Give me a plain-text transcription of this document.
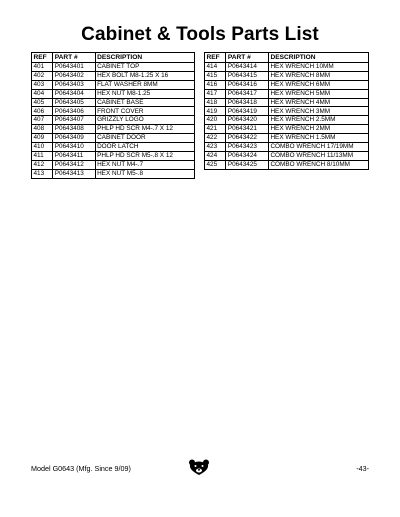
Cabinet & Tools Parts List
REF	PART #	DESCRIPTION
401	P0643401	CABINET TOP
402	P0643402	HEX BOLT M8-1.25 X 16
403	P0643403	FLAT WASHER 8MM
404	P0643404	HEX NUT M8-1.25
405	P0643405	CABINET BASE
406	P0643406	FRONT COVER
407	P0643407	GRIZZLY LOGO
408	P0643408	PHLP HD SCR M4-.7 X 12
409	P0643409	CABINET DOOR
410	P0643410	DOOR LATCH
411	P0643411	PHLP HD SCR M5-.8 X 12
412	P0643412	HEX NUT M4-.7
413	P0643413	HEX NUT M5-.8
REF	PART #	DESCRIPTION
414	P0643414	HEX WRENCH 10MM
415	P0643415	HEX WRENCH 8MM
416	P0643416	HEX WRENCH 6MM
417	P0643417	HEX WRENCH 5MM
418	P0643418	HEX WRENCH 4MM
419	P0643419	HEX WRENCH 3MM
420	P0643420	HEX WRENCH 2.5MM
421	P0643421	HEX WRENCH 2MM
422	P0643422	HEX WRENCH 1.5MM
423	P0643423	COMBO WRENCH 17/19MM
424	P0643424	COMBO WRENCH 11/13MM
425	P0643425	COMBO WRENCH 8/10MM
Model G0643 (Mfg. Since 9/09)	-43-
